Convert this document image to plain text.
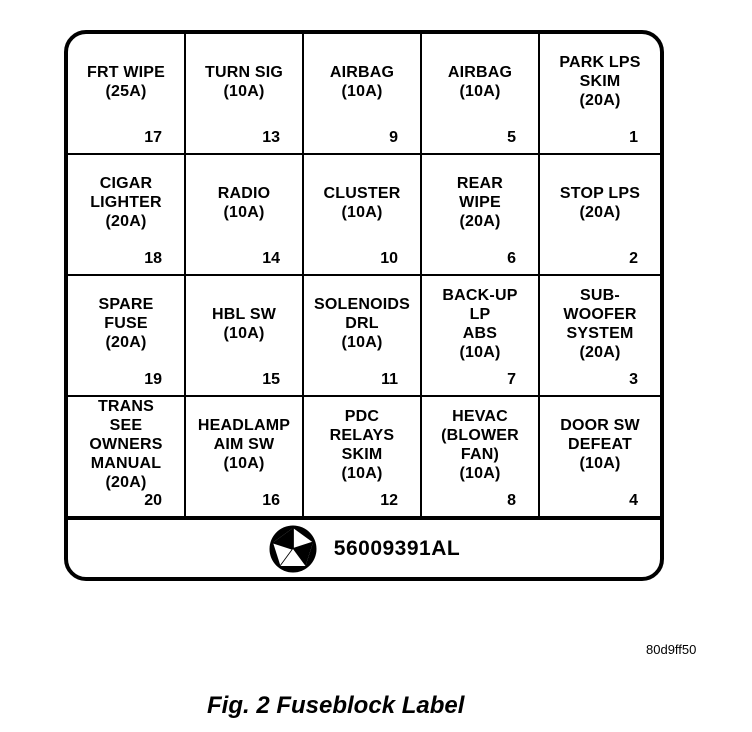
FRT WIPE
(25A)
17
TURN SIG
(10A)
13
AIRBAG
(10A)
9
AIRBAG
(10A)
5
PARK LPS
SKIM
(20A)
1
CIGAR
LIGHTER
(20A)
18
RADIO
(10A)
14
CLUSTER
(10A)
10
REAR
WIPE
(20A)
6
STOP LPS
(20A)
2
SPARE
FUSE
(20A)
19
HBL SW
(10A)
15
SOLENOIDS
DRL
(10A)
11
BACK-UP
LP
ABS
(10A)
7
SUB-
WOOFER
SYSTEM
(20A)
3
TRANS
SEE
OWNERS
MANUAL
(20A)
20
HEADLAMP
AIM SW
(10A)
16
PDC
RELAYS
SKIM
(10A)
12
HEVAC
(BLOWER
FAN)
(10A)
8
DOOR SW
DEFEAT
(10A)
4
56009391AL
80d9ff50
Fig. 2 Fuseblock Label
